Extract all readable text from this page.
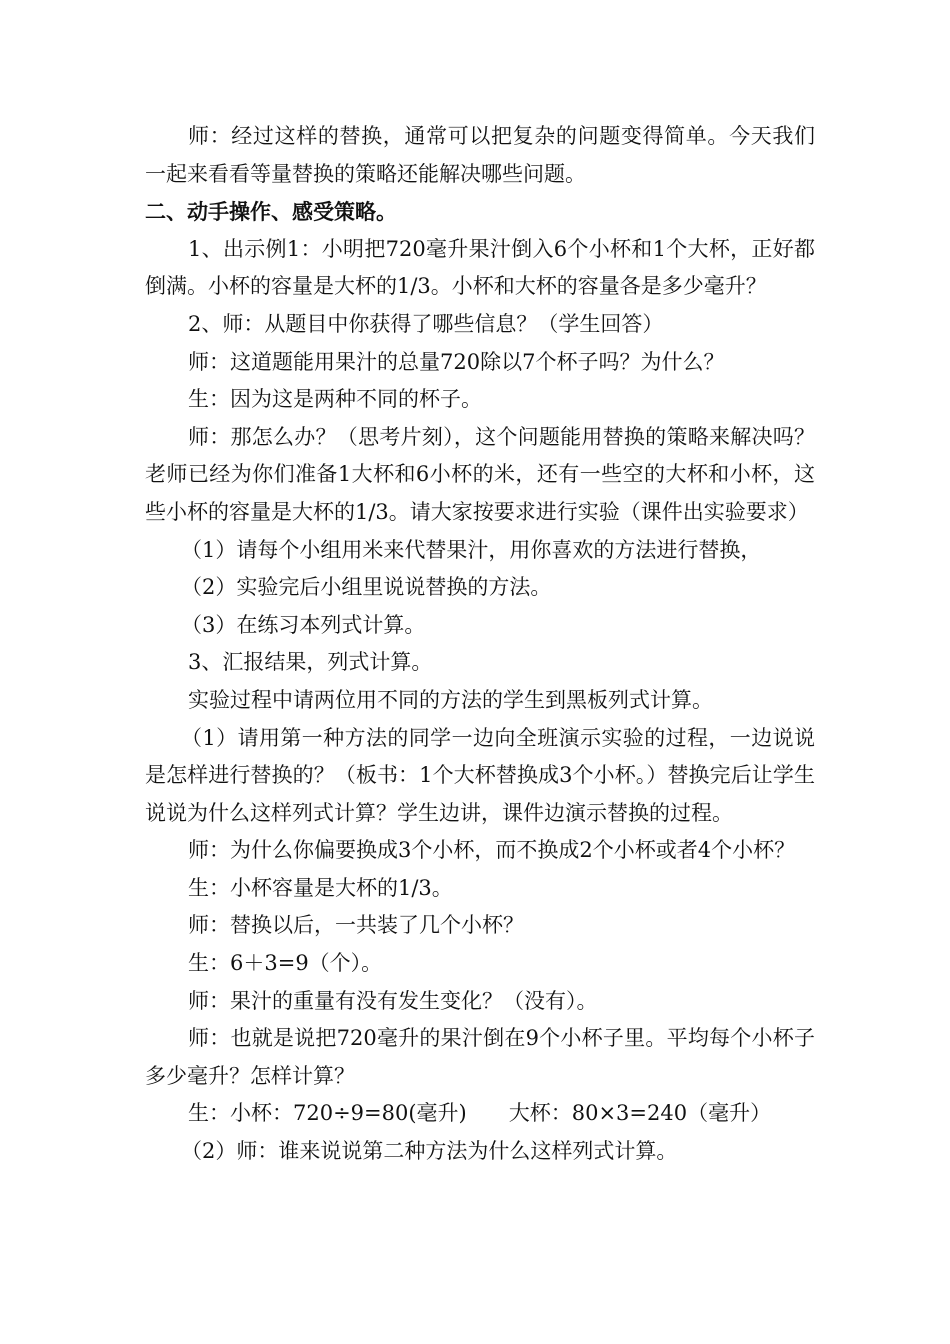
师：经过这样的替换，通常可以把复杂的问题变得简单。今天我们一起来看看等量替换的策略还能解决哪些问题。

二、动手操作、感受策略。

1、出示例1：小明把720毫升果汁倒入6个小杯和1个大杯，正好都倒满。小杯的容量是大杯的1/3。小杯和大杯的容量各是多少毫升？

2、师：从题目中你获得了哪些信息？（学生回答）

师：这道题能用果汁的总量720除以7个杯子吗？为什么？

生：因为这是两种不同的杯子。

师：那怎么办？（思考片刻），这个问题能用替换的策略来解决吗？老师已经为你们准备1大杯和6小杯的米，还有一些空的大杯和小杯，这些小杯的容量是大杯的1/3。请大家按要求进行实验（课件出实验要求）

（1）请每个小组用米来代替果汁，用你喜欢的方法进行替换，

（2）实验完后小组里说说替换的方法。

（3）在练习本列式计算。

3、汇报结果，列式计算。

实验过程中请两位用不同的方法的学生到黑板列式计算。

（1）请用第一种方法的同学一边向全班演示实验的过程，一边说说是怎样进行替换的？（板书：1个大杯替换成3个小杯。）替换完后让学生说说为什么这样列式计算？学生边讲，课件边演示替换的过程。

师：为什么你偏要换成3个小杯，而不换成2个小杯或者4个小杯？

生：小杯容量是大杯的1/3。

师：替换以后，一共装了几个小杯？

生：6＋3=9（个）。

师：果汁的重量有没有发生变化？（没有）。

师：也就是说把720毫升的果汁倒在9个小杯子里。平均每个小杯子多少毫升？怎样计算？

生：小杯：720÷9=80(毫升)　　大杯：80×3=240（毫升）

（2）师：谁来说说第二种方法为什么这样列式计算。
